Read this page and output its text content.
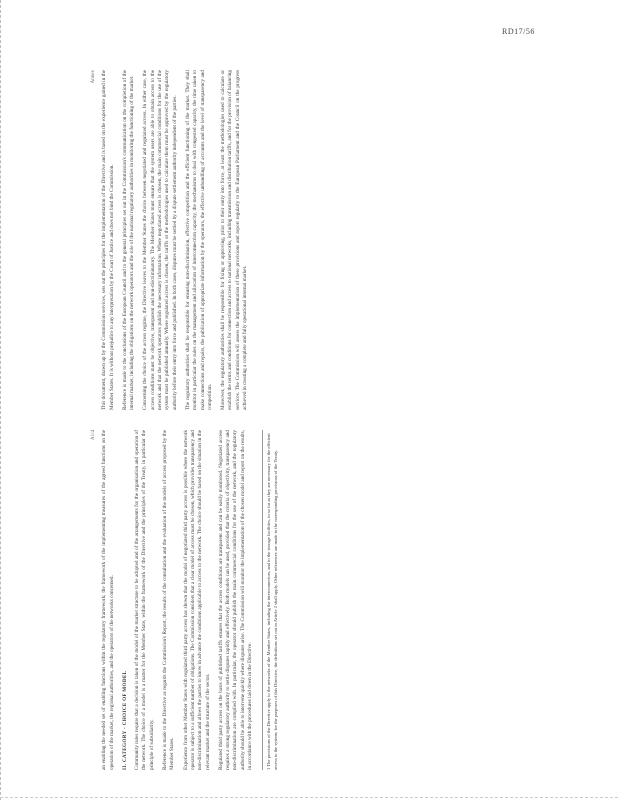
RD17/56
A1/4 an enabling the needed set of enabling functions within the regulatory framework; the framework of the implementing measures of the agreed functions on the operation of the market, the regional authorities, and the operators of the networks concerned. II. CATEGORY - CHOICE OF MODEL Community rules require that a decision is taken of the model of the market structure to be adopted and of the arrangements for the organisation and operation of the network. The choice of a model is a matter for the Member State, within the framework of the Directive and the principles of the Treaty, in particular the principle of subsidiarity. Reference is made to the Directive as regards the Commission's Report, the results of the consultation and the evaluation of the models of access proposed by the Member States. Experience from other Member States with regulated third party access has shown that the model of negotiated third party access is possible where the network operator is subject to a sufficient number of obligations. The Commission considers that a clear model of access must be chosen, which provides transparency and non-discrimination and allows the parties to know in advance the conditions applicable to access to the network. The choice should be based on the situation in the relevant market and the structure of the sector. Regulated third party access on the basis of published tariffs ensures that the access conditions are transparent and can be easily monitored. Negotiated access requires a strong regulatory authority to settle disputes rapidly and effectively. Both models can be used, provided that the criteria of objectivity, transparency and non-discrimination are complied with. In particular, the operator should publish the main commercial conditions for the use of the network, and the regulatory authority should be able to intervene quickly where disputes arise. The Commission will monitor the implementation of the chosen model and report on the results, in accordance with the procedures laid down in the Directive.	1 The provisions of the Directive apply to the networks of the Member States, including the interconnectors, and to the storage facilities, in so far as they are necessary for the efficient access to the system; for the purposes of this Directive, the definitions set out in Article 2 shall apply. Other references are made to the corresponding provisions of the Treaty.

Annex This document, drawn up by the Commission services, sets out the principles for the implementation of the Directive and is based on the experience gained in the Member States. It is without prejudice to any interpretation by the Court of Justice and does not bind the Commission. Reference is made to the conclusions of the European Council and to the general principles set out in the Commission's communication on the completion of the internal market, including the obligations on the network operators and the role of the national regulatory authorities in monitoring the functioning of the market. Concerning the choice of the access regime, the Directive leaves to the Member States the choice between negotiated and regulated access. In either case, the access conditions must be objective, transparent and non-discriminatory. The Member States must ensure that the system users are able to obtain access to the network and that the network operators publish the necessary information. Where negotiated access is chosen, the main commercial conditions for the use of the system must be published annually. Where regulated access is chosen, the tariffs or the methodologies used to calculate them must be approved by the regulatory authority before their entry into force and published. In both cases, disputes must be settled by a dispute settlement authority independent of the parties. The regulatory authorities shall be responsible for ensuring non-discrimination, effective competition and the efficient functioning of the market. They shall monitor in particular the rules on the management and allocation of interconnection capacity, the mechanisms to deal with congested capacity, the time taken to make connections and repairs, the publication of appropriate information by the operators, the effective unbundling of accounts and the level of transparency and competition. Moreover, the regulatory authorities shall be responsible for fixing or approving, prior to their entry into force, at least the methodologies used to calculate or establish the terms and conditions for connection and access to national networks, including transmission and distribution tariffs, and for the provision of balancing services. The Commission will assess the implementation of these provisions and report regularly to the European Parliament and the Council on the progress achieved in creating a complete and fully operational internal market.
